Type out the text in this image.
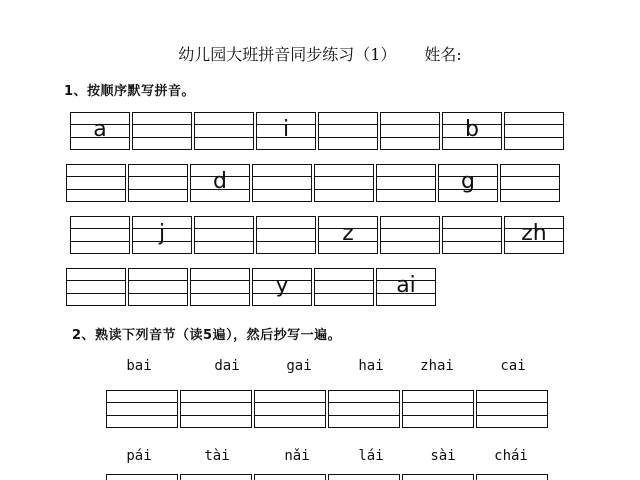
幼儿园大班拼音同步练习（1） 姓名:
1、按顺序默写拼音。
a	i	b
d	g
j	z	zh
y	ai
2、熟读下列音节（读5遍），然后抄写一遍。
bai	dai	gai	hai	zhai	cai
pái	tài	nǎi	lái	sài	chái
